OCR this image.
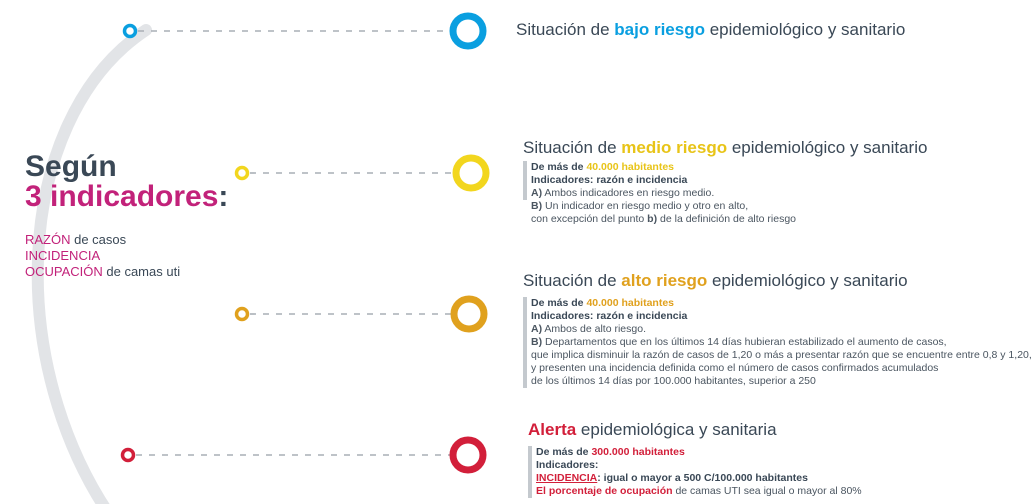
Según
3 indicadores:
RAZÓN de casos
INCIDENCIA
OCUPACIÓN de camas uti
Situación de bajo riesgo epidemiológico y sanitario
Situación de medio riesgo epidemiológico y sanitario
De más de 40.000 habitantes
Indicadores: razón e incidencia
A) Ambos indicadores en riesgo medio.
B) Un indicador en riesgo medio y otro en alto,
con excepción del punto b) de la definición de alto riesgo
Situación de alto riesgo epidemiológico y sanitario
De más de 40.000 habitantes
Indicadores: razón e incidencia
A) Ambos de alto riesgo.
B) Departamentos que en los últimos 14 días hubieran estabilizado el aumento de casos,
que implica disminuir la razón de casos de 1,20 o más a presentar razón que se encuentre entre 0,8 y 1,20,
y presenten una incidencia definida como el número de casos confirmados acumulados
de los últimos 14 días por 100.000 habitantes, superior a 250
Alerta epidemiológica y sanitaria
De más de 300.000 habitantes
Indicadores:
INCIDENCIA: igual o mayor a 500 C/100.000 habitantes
El porcentaje de ocupación de camas UTI sea igual o mayor al 80%
